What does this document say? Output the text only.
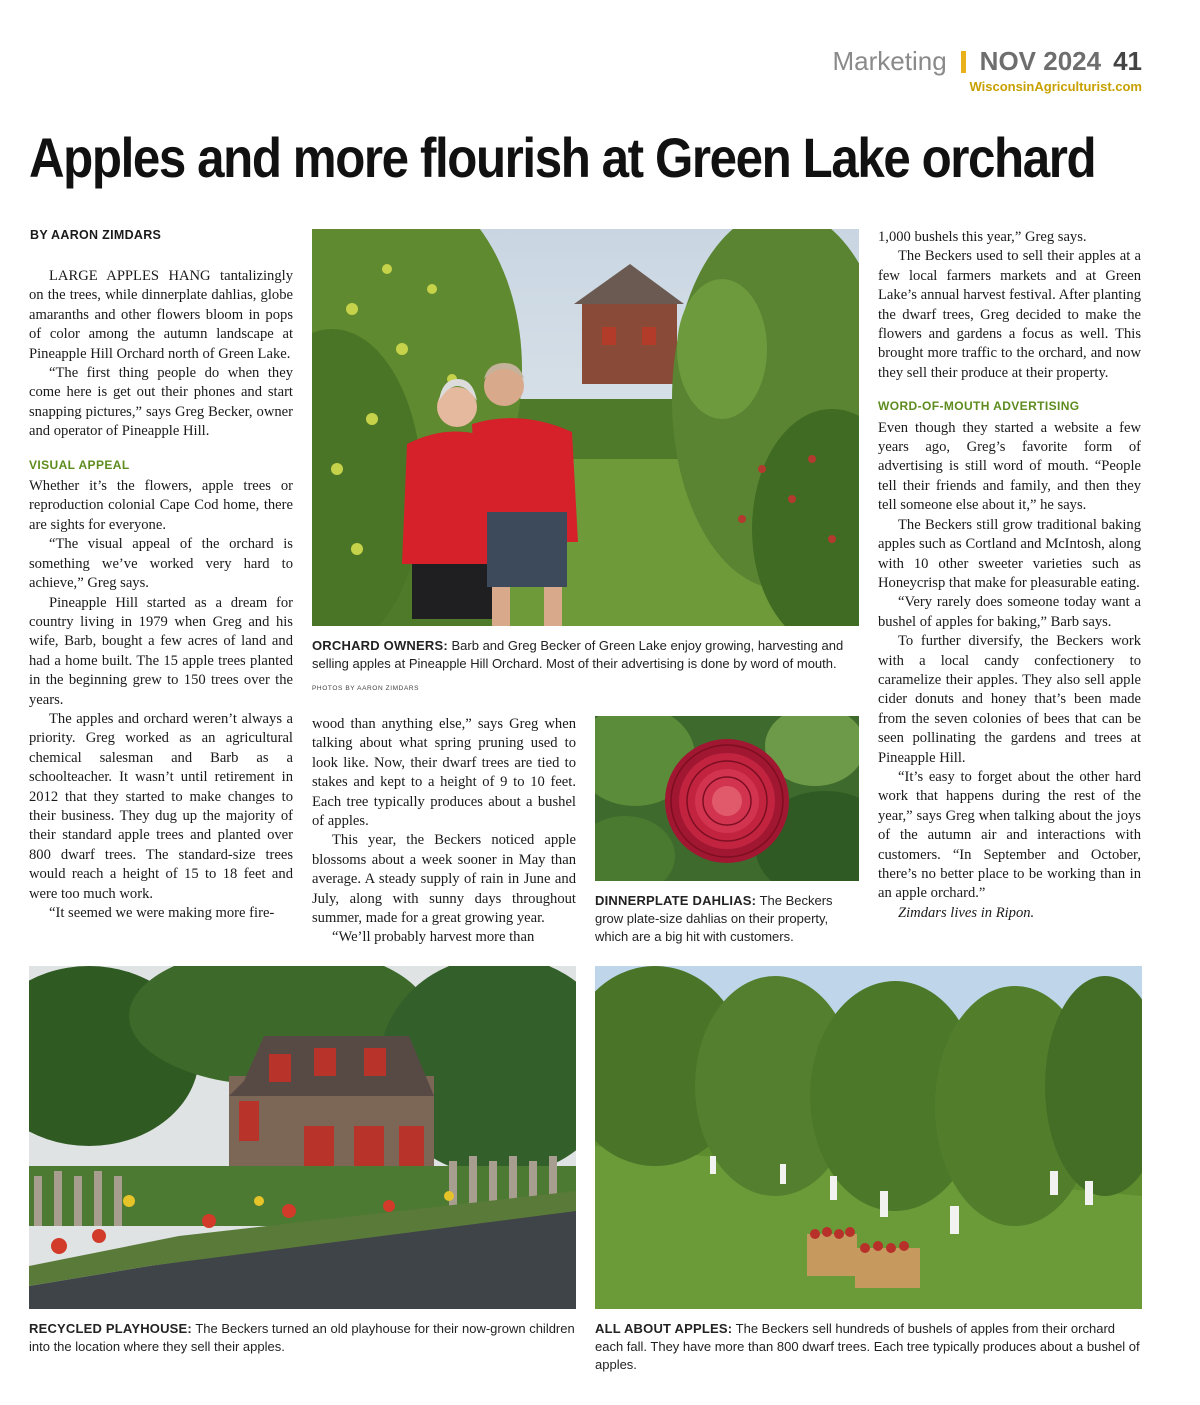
Marketing NOV 2024 41
WisconsinAgriculturist.com
Apples and more flourish at Green Lake orchard
BY AARON ZIMDARS

LARGE APPLES HANG tantalizingly on the trees, while dinnerplate dahlias, globe amaranths and other flowers bloom in pops of color among the autumn landscape at Pineapple Hill Orchard north of Green Lake.

“The first thing people do when they come here is get out their phones and start snapping pictures,” says Greg Becker, owner and operator of Pineapple Hill.

VISUAL APPEAL

Whether it’s the flowers, apple trees or reproduction colonial Cape Cod home, there are sights for everyone.

“The visual appeal of the orchard is something we’ve worked very hard to achieve,” Greg says.

Pineapple Hill started as a dream for country living in 1979 when Greg and his wife, Barb, bought a few acres of land and had a home built. The 15 apple trees planted in the beginning grew to 150 trees over the years.

The apples and orchard weren’t always a priority. Greg worked as an agricultural chemical salesman and Barb as a schoolteacher. It wasn’t until retirement in 2012 that they started to make changes to their business. They dug up the majority of their standard apple trees and planted over 800 dwarf trees. The standard-size trees would reach a height of 15 to 18 feet and were too much work.

“It seemed we were making more fire-

wood than anything else,” says Greg when talking about what spring pruning used to look like. Now, their dwarf trees are tied to stakes and kept to a height of 9 to 10 feet. Each tree typically produces about a bushel of apples.

This year, the Beckers noticed apple blossoms about a week sooner in May than average. A steady supply of rain in June and July, along with sunny days throughout summer, made for a great growing year.

“We’ll probably harvest more than

1,000 bushels this year,” Greg says.

The Beckers used to sell their apples at a few local farmers markets and at Green Lake’s annual harvest festival. After planting the dwarf trees, Greg decided to make the flowers and gardens a focus as well. This brought more traffic to the orchard, and now they sell their produce at their property.

WORD-OF-MOUTH ADVERTISING

Even though they started a website a few years ago, Greg’s favorite form of advertising is still word of mouth. “People tell their friends and family, and then they tell someone else about it,” he says.

The Beckers still grow traditional baking apples such as Cortland and McIntosh, along with 10 other sweeter varieties such as Honeycrisp that make for pleasurable eating.

“Very rarely does someone today want a bushel of apples for baking,” Barb says.

To further diversify, the Beckers work with a local candy confectionery to caramelize their apples. They also sell apple cider donuts and honey that’s been made from the seven colonies of bees that can be seen pollinating the gardens and trees at Pineapple Hill.

“It’s easy to forget about the other hard work that happens during the rest of the year,” says Greg when talking about the joys of the autumn air and interactions with customers. “In September and October, there’s no better place to be working than in an apple orchard.”

Zimdars lives in Ripon.

ORCHARD OWNERS: Barb and Greg Becker of Green Lake enjoy growing, harvesting and selling apples at Pineapple Hill Orchard. Most of their advertising is done by word of mouth.
PHOTOS BY AARON ZIMDARS
DINNERPLATE DAHLIAS: The Beckers grow plate-size dahlias on their property, which are a big hit with customers.
RECYCLED PLAYHOUSE: The Beckers turned an old playhouse for their now-grown children into the location where they sell their apples.
ALL ABOUT APPLES: The Beckers sell hundreds of bushels of apples from their orchard each fall. They have more than 800 dwarf trees. Each tree typically produces about a bushel of apples.
